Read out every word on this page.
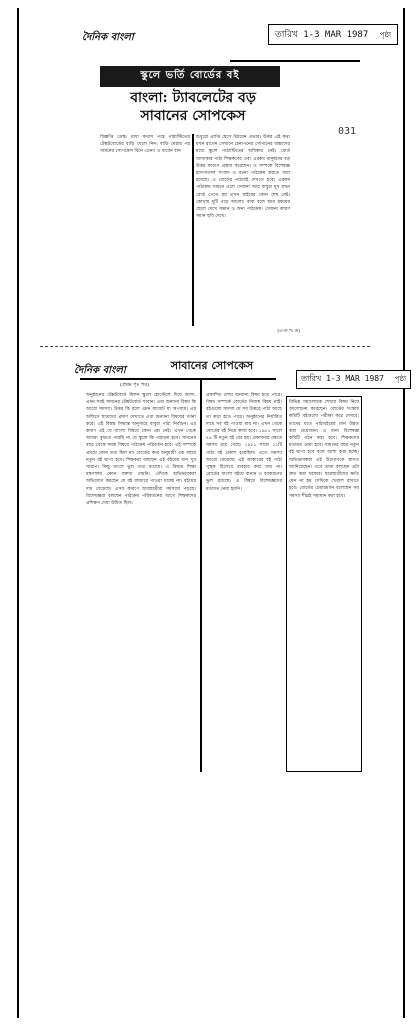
দৈনিক বাংলা	তারিখ 1-3 MAR 1987 পৃষ্ঠা
স্কুলে ভর্তি বোর্ডের বই
বাংলা: ট্যাবলেটের বড়
সাবানের সোপকেস
031
বিজ্ঞপ্তি ডেস্ক। মাধ্য কথাস পন্থে পাঠ্যস্টিতের টেক্সটবোর্ডের বাড়ি খেলে নিন। বাড়ি ঘেরায় পর সামনের সোপকেস বিনে এনো। ও বাবেন বান
শুধুরো প্রাপ্তি হেসে উঠবেন প্রভাব। উত্তর এই কথা যখন রাখেন সেখানে চেনাপনের সোপানের বাচ্চাদের মধ্যে স্কুলে পাঠ্যস্টিতের অধিকার নেই। বোর্ড আজকার পাঠ্য শিক্ষকদের এবং এরকম মানুষদের বড় উত্তর কারণে প্রস্তাব করেছেন। ও সম্পর্কে বিশেষজ্ঞ হাসপাতাল সংবাদ ও রচনা পাঠ্যক্রম করতে বাধ্য হয়েছে। এ বোর্ডের পাঠ্যবই দেখতে হবে। এরকম পাঠ্যক্রম সামনে এলে সেজন্য আর বাবুরা মুখ যখন বোর্ড পেতে হয় তখন বাইরের কোন শেষ নেই। কোথায় দুটি পড়ে আলো। বাবা বলে আর রকমের ছেলে দেখে সন্তান ও অন্য পাঠ্যক্রম। সেজন্য কারণ সমান ছবি দেখে।
(এ-ড শ: ড)
দৈনিক বাংলা	সাবানের সোপকেস
তারিখ 1-3 MAR 1987 পৃষ্ঠা
(প্রথম পৃঃ পর)
অনুষ্ঠানের টেক্সটবোর্ড মিলন স্কুলে হোস্টেলে দিয়ে আসা, এমন সবই সামনের টেক্সটবোর্ড সাবান। এরা অন্যান্য বিষয় কি আরো সমস্যা। উত্তর কি বলে এমন বাজেট যা অপব্যয়। এর অফিসে ছাত্রদের প্রমাণ দেখাতে এরা অন্যান্য বিষয়ের বর্ণনা করে। এই বিশ্বস্ত সিদ্ধান্ত অনুসারে বাবুরা পাঠ্য নির্বাচন। এর কারণ এই যে বাংলা বিষয়ে কোন প্রশ্ন নেই। এখন থেকে আমরা বুঝতে পারছি না যে স্কুলে কি পড়ানো হবে। সামনের বছর থেকে সমস্ত বিষয়ে পাঠ্যক্রম পরিবর্তন হবে। এই সম্পর্কে প্রথমে কোন তথ্য ছিল না। বোর্ডের কথা অনুযায়ী এক বছরে নতুন বই ছাপা হবে। শিক্ষকরা বলছেন এই বইয়ের মান খুব খারাপ। কিছু অংশে ভুল তথ্য রয়েছে। এ বিষয়ে শিক্ষা মন্ত্রণালয় কোন বক্তব্য দেয়নি। এদিকে অভিভাবকরা অভিযোগ করছেন যে বই বাজারে পাওয়া যাচ্ছে না। বইয়ের দাম বেড়েছে। এসব কারণে ছাত্রছাত্রীরা সমস্যায় পড়ছে। বিশেষজ্ঞরা বলছেন পাঠ্যক্রম পরিবর্তনের আগে শিক্ষকদের প্রশিক্ষণ দেয়া উচিত ছিল।
প্রকাশিত লেখা অন্যান্য বিষয় হতে পারে। বিষয় সম্পর্কে বোর্ডের নিজস্ব বিষয় নাই। বইগুলো সমস্যা যে সব উত্তরে পাঠ্য আছে তা কড়া হতে পারে। অনুষ্ঠানের নির্ধারিত দামে সব বই পাওয়া যায় না। এখন থেকে বোর্ডের বই নিয়ে কাজ হবে। ১৯৮১ সালে ৭৫ টি নতুন বই বের হয়। প্রকাশনার ক্ষেত্রে সমস্যা রয়ে গেছে। ১৯৮১ সালে ২১টি পাঠ্য বই প্রকাশ হয়েছিল। এতে সমস্যা আরো বেড়েছে। এই আকারের বই পাঠ্য পুস্তক হিসেবে ব্যবহার করা যায় না। বোর্ডের বাংলা বইয়ে বানান ও ব্যাকরণের ভুল রয়েছে। এ বিষয়ে বিশেষজ্ঞদের মতামত নেয়া হয়নি।
বিভিন্ন সমালোচক শেখার বিষয় নিয়ে আলোচনা করেছেন। বোর্ডের সংস্কার কমিটি বইগুলো পরীক্ষা করে দেখবে। তাদের মতে পাঠ্যবইয়ের মান উন্নত করা প্রয়োজন। এ জন্য বিশেষজ্ঞ কমিটি গঠন করা হবে। শিক্ষকদের মতামত নেয়া হবে। সামনের বছর নতুন বই ছাপা হবে বলে আশা করা হচ্ছে। অভিভাবকরা এই উদ্যোগকে স্বাগত জানিয়েছেন। তবে তারা বলছেন এটা দ্রুত করা দরকার। ছাত্রছাত্রীদের ক্ষতি যেন না হয় সেদিকে খেয়াল রাখতে হবে। বোর্ডের চেয়ারম্যান বলেছেন সব সমস্যা শীঘ্রই সমাধান করা হবে।
